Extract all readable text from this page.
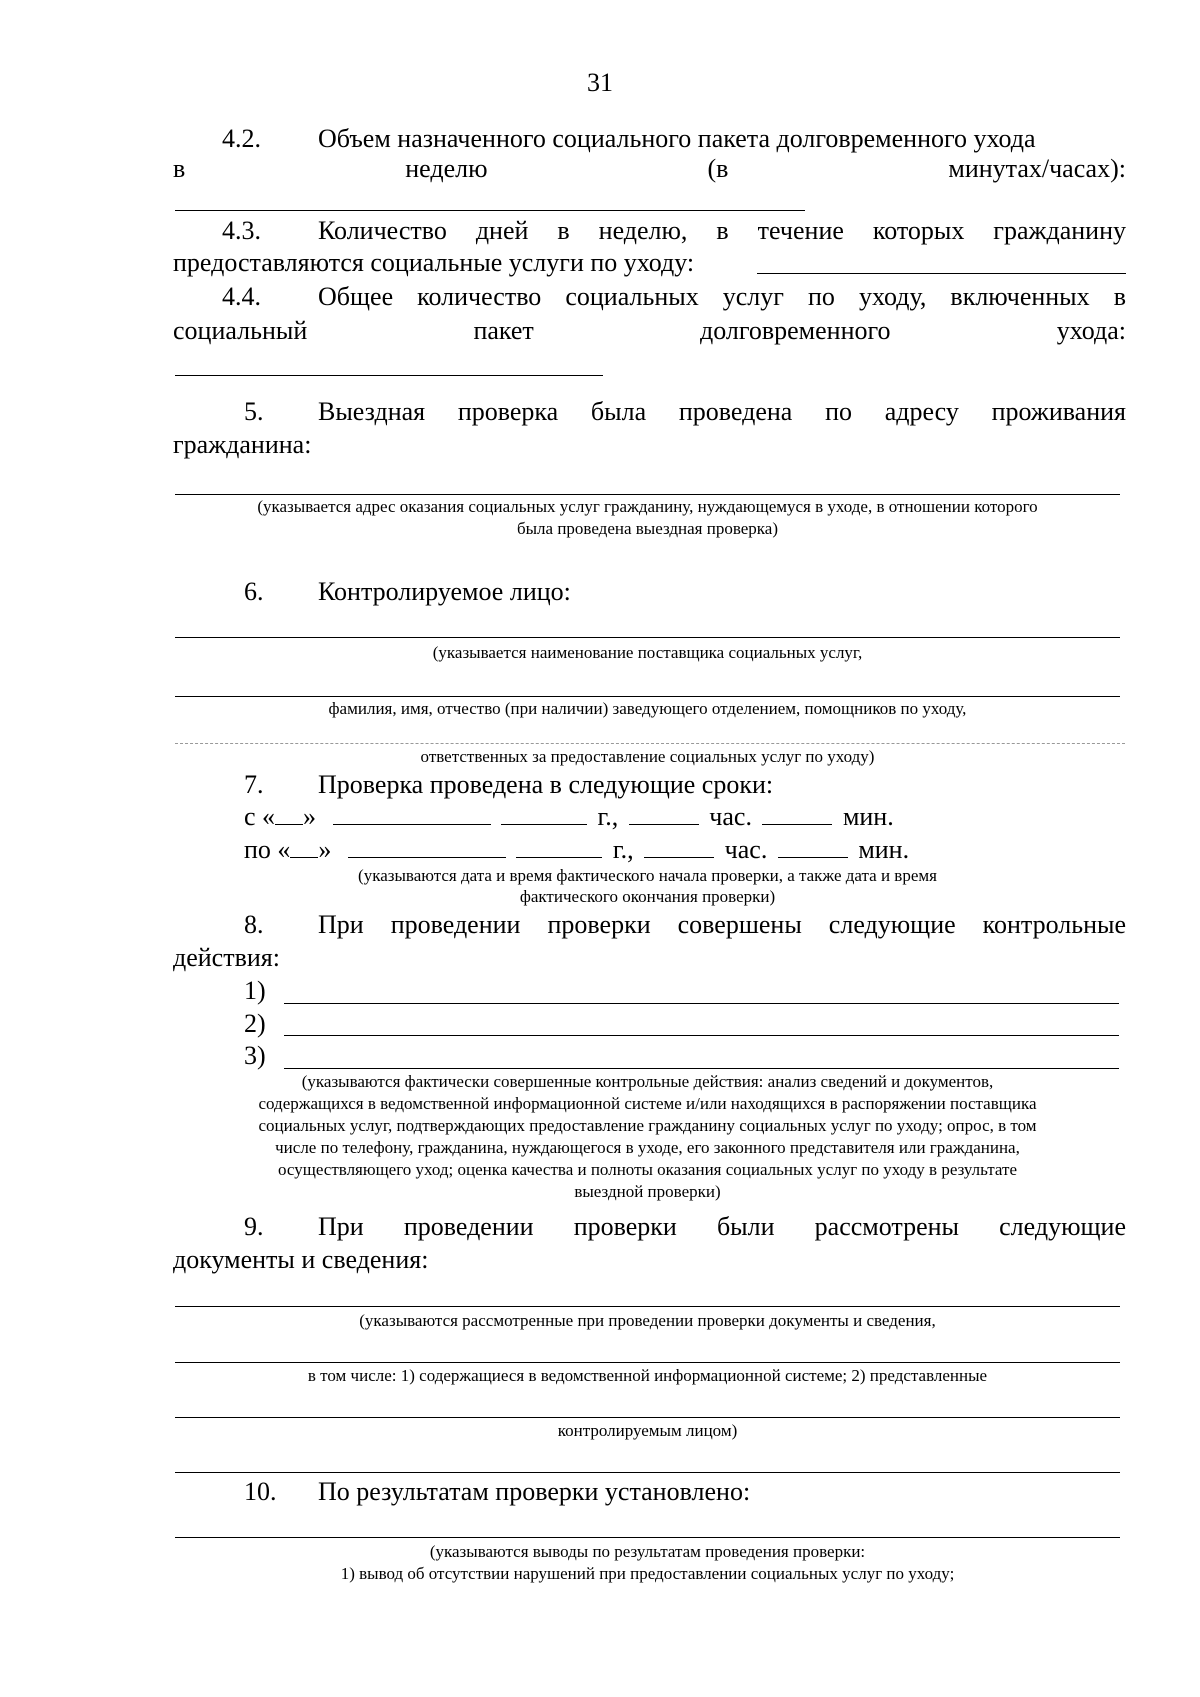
31
4.2. Объем назначенного социального пакета долговременного ухода
в	неделю	(в	минутах/часах):
4.3. Количество дней в неделю, в течение которых гражданину
предоставляются социальные услуги по уходу:
4.4. Общее количество социальных услуг по уходу, включенных в
социальный	пакет	долговременного	ухода:
5. Выездная проверка была проведена по адресу проживания
гражданина:
(указывается адрес оказания социальных услуг гражданину, нуждающемуся в уходе, в отношении которого
была проведена выездная проверка)
6. Контролируемое лицо:
(указывается наименование поставщика социальных услуг,
фамилия, имя, отчество (при наличии) заведующего отделением, помощников по уходу,
ответственных за предоставление социальных услуг по уходу)
7. Проверка проведена в следующие сроки:
с « »	г.,	час.	мин.
по « »	г.,	час.	мин.
(указываются дата и время фактического начала проверки, а также дата и время
фактического окончания проверки)
8. При проведении проверки совершены следующие контрольные
действия:
1)
2)
3)
(указываются фактически совершенные контрольные действия: анализ сведений и документов,
содержащихся в ведомственной информационной системе и/или находящихся в распоряжении поставщика
социальных услуг, подтверждающих предоставление гражданину социальных услуг по уходу; опрос, в том
числе по телефону, гражданина, нуждающегося в уходе, его законного представителя или гражданина,
осуществляющего уход; оценка качества и полноты оказания социальных услуг по уходу в результате
выездной проверки)
9. При проведении проверки были рассмотрены следующие
документы и сведения:
(указываются рассмотренные при проведении проверки документы и сведения,
в том числе: 1) содержащиеся в ведомственной информационной системе; 2) представленные
контролируемым лицом)
10. По результатам проверки установлено:
(указываются выводы по результатам проведения проверки:
1) вывод об отсутствии нарушений при предоставлении социальных услуг по уходу;
